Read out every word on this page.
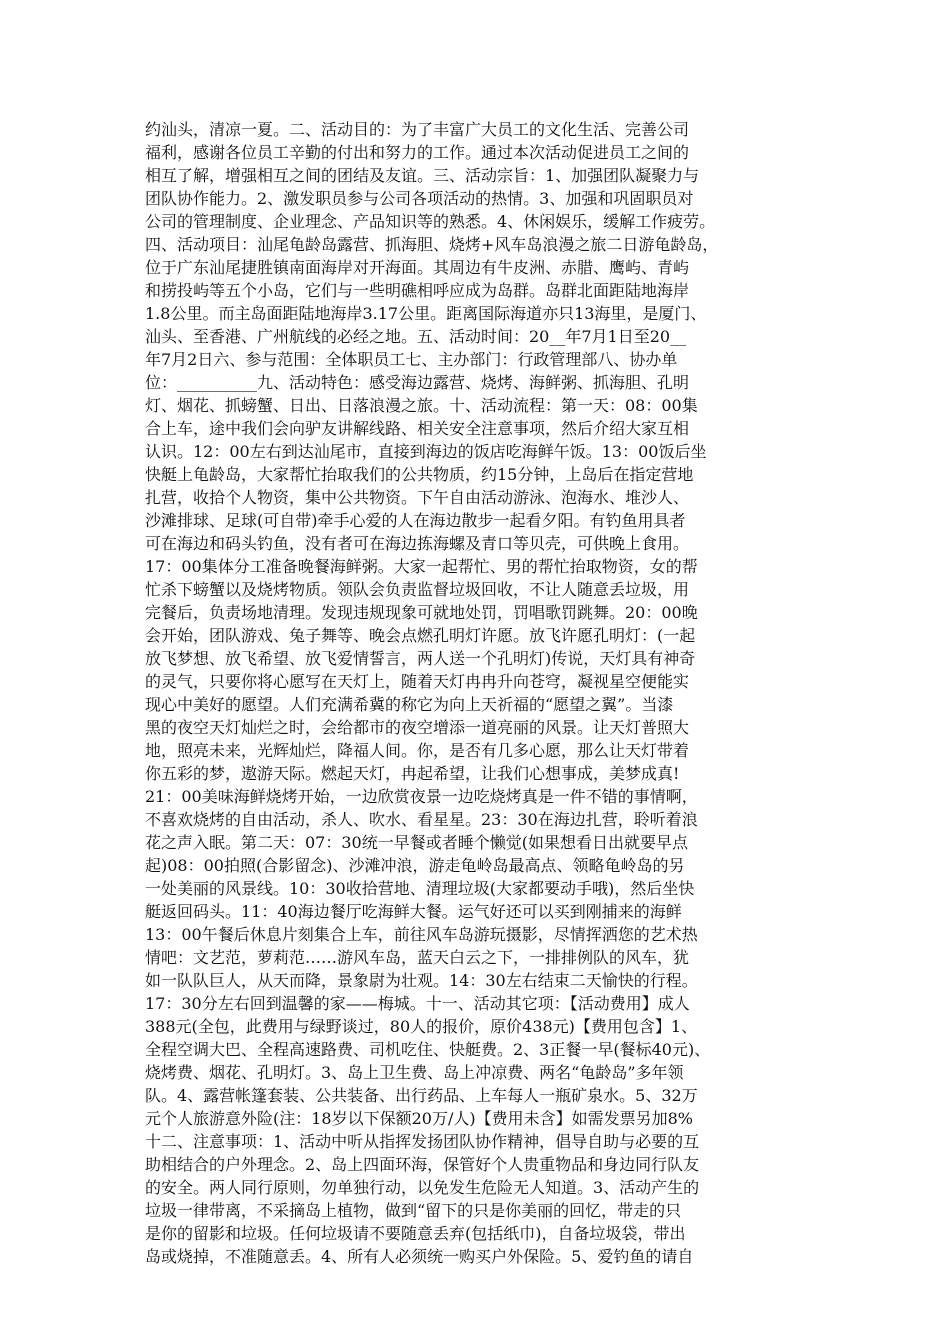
约汕头，清凉一夏。二、活动目的：为了丰富广大员工的文化生活、完善公司
福利，感谢各位员工辛勤的付出和努力的工作。通过本次活动促进员工之间的
相互了解，增强相互之间的团结及友谊。三、活动宗旨：1、加强团队凝聚力与
团队协作能力。2、激发职员参与公司各项活动的热情。3、加强和巩固职员对
公司的管理制度、企业理念、产品知识等的熟悉。4、休闲娱乐，缓解工作疲劳。
四、活动项目：汕尾龟龄岛露营、抓海胆、烧烤+风车岛浪漫之旅二日游龟龄岛，
位于广东汕尾捷胜镇南面海岸对开海面。其周边有牛皮洲、赤腊、鹰屿、青屿
和捞投屿等五个小岛，它们与一些明礁相呼应成为岛群。岛群北面距陆地海岸
1.8公里。而主岛面距陆地海岸3.17公里。距离国际海道亦只13海里，是厦门、
汕头、至香港、广州航线的必经之地。五、活动时间：20__年7月1日至20__
年7月2日六、参与范围：全体职员工七、主办部门：行政管理部八、协办单
位：__________九、活动特色：感受海边露营、烧烤、海鲜粥、抓海胆、孔明
灯、烟花、抓螃蟹、日出、日落浪漫之旅。十、活动流程：第一天：08：00集
合上车，途中我们会向驴友讲解线路、相关安全注意事项，然后介绍大家互相
认识。12：00左右到达汕尾市，直接到海边的饭店吃海鲜午饭。13：00饭后坐
快艇上龟龄岛，大家帮忙抬取我们的公共物质，约15分钟，上岛后在指定营地
扎营，收拾个人物资，集中公共物资。下午自由活动游泳、泡海水、堆沙人、
沙滩排球、足球(可自带)牵手心爱的人在海边散步一起看夕阳。有钓鱼用具者
可在海边和码头钓鱼，没有者可在海边拣海螺及青口等贝壳，可供晚上食用。
17：00集体分工准备晚餐海鲜粥。大家一起帮忙、男的帮忙抬取物资，女的帮
忙杀下螃蟹以及烧烤物质。领队会负责监督垃圾回收，不让人随意丢垃圾，用
完餐后，负责场地清理。发现违规现象可就地处罚，罚唱歌罚跳舞。20：00晚
会开始，团队游戏、兔子舞等、晚会点燃孔明灯许愿。放飞许愿孔明灯：(一起
放飞梦想、放飞希望、放飞爱情誓言，两人送一个孔明灯)传说，天灯具有神奇
的灵气，只要你将心愿写在天灯上，随着天灯冉冉升向苍穹，凝视星空便能实
现心中美好的愿望。人们充满希冀的称它为向上天祈福的“愿望之翼”。当漆
黑的夜空天灯灿烂之时，会给都市的夜空增添一道亮丽的风景。让天灯普照大
地，照亮未来，光辉灿烂，降福人间。你，是否有几多心愿，那么让天灯带着
你五彩的梦，遨游天际。燃起天灯，冉起希望，让我们心想事成，美梦成真!
21：00美味海鲜烧烤开始，一边欣赏夜景一边吃烧烤真是一件不错的事情啊，
不喜欢烧烤的自由活动，杀人、吹水、看星星。23：30在海边扎营，聆听着浪
花之声入眠。第二天：07：30统一早餐或者睡个懒觉(如果想看日出就要早点
起)08：00拍照(合影留念)、沙滩冲浪，游走龟岭岛最高点、领略龟岭岛的另
一处美丽的风景线。10：30收拾营地、清理垃圾(大家都要动手哦)，然后坐快
艇返回码头。11：40海边餐厅吃海鲜大餐。运气好还可以买到刚捕来的海鲜
13：00午餐后休息片刻集合上车，前往风车岛游玩摄影，尽情挥洒您的艺术热
情吧：文艺范，萝莉范……游风车岛，蓝天白云之下，一排排例队的风车，犹
如一队队巨人，从天而降，景象尉为壮观。14：30左右结束二天愉快的行程。
17：30分左右回到温馨的家——梅城。十一、活动其它项：【活动费用】成人
388元(全包，此费用与绿野谈过，80人的报价，原价438元)【费用包含】1、
全程空调大巴、全程高速路费、司机吃住、快艇费。2、3正餐一早(餐标40元)、
烧烤费、烟花、孔明灯。3、岛上卫生费、岛上冲凉费、两名“龟龄岛”多年领
队。4、露营帐篷套装、公共装备、出行药品、上车每人一瓶矿泉水。5、32万
元个人旅游意外险(注：18岁以下保额20万/人)【费用未含】如需发票另加8%
十二、注意事项：1、活动中听从指挥发扬团队协作精神，倡导自助与必要的互
助相结合的户外理念。2、岛上四面环海，保管好个人贵重物品和身边同行队友
的安全。两人同行原则，勿单独行动，以免发生危险无人知道。3、活动产生的
垃圾一律带离，不采摘岛上植物，做到“留下的只是你美丽的回忆，带走的只
是你的留影和垃圾。任何垃圾请不要随意丢弃(包括纸巾)，自备垃圾袋，带出
岛或烧掉，不准随意丢。4、所有人必须统一购买户外保险。5、爱钓鱼的请自
